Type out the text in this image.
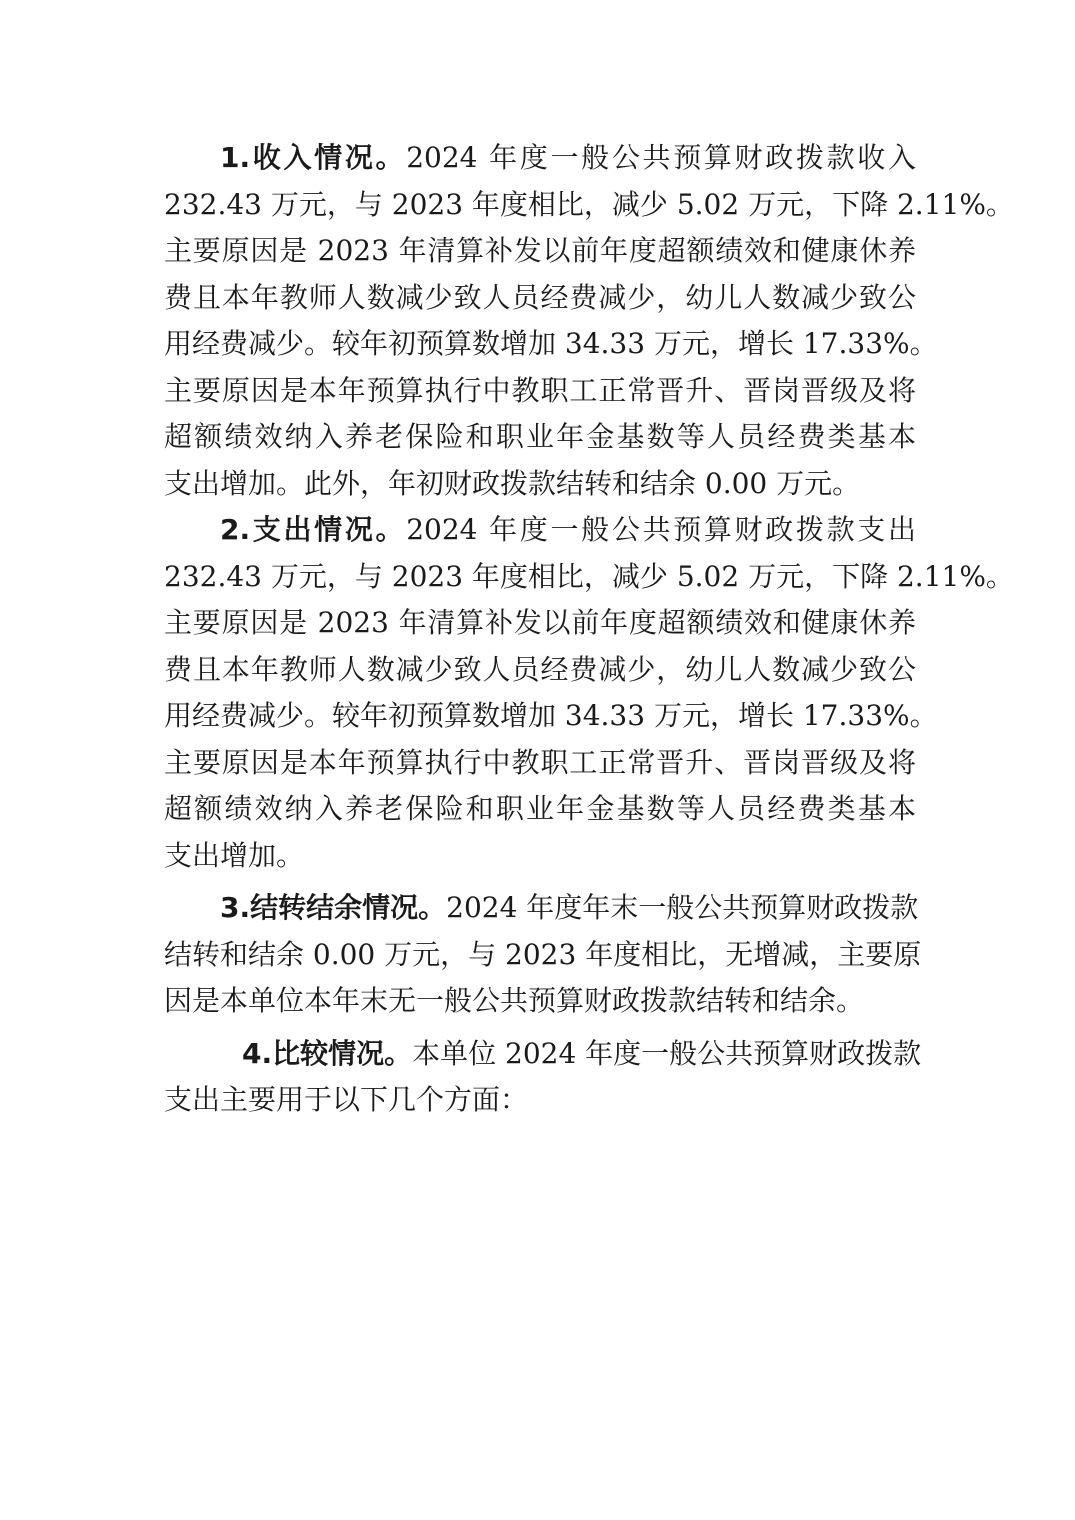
1.收入情况。2024 年度一般公共预算财政拨款收入
232.43 万元，与 2023 年度相比，减少 5.02 万元，下降 2.11%。
主要原因是 2023 年清算补发以前年度超额绩效和健康休养
费且本年教师人数减少致人员经费减少，幼儿人数减少致公
用经费减少。较年初预算数增加 34.33 万元，增长 17.33%。
主要原因是本年预算执行中教职工正常晋升、晋岗晋级及将
超额绩效纳入养老保险和职业年金基数等人员经费类基本
支出增加。此外，年初财政拨款结转和结余 0.00 万元。
2.支出情况。2024 年度一般公共预算财政拨款支出
232.43 万元，与 2023 年度相比，减少 5.02 万元，下降 2.11%。
主要原因是 2023 年清算补发以前年度超额绩效和健康休养
费且本年教师人数减少致人员经费减少，幼儿人数减少致公
用经费减少。较年初预算数增加 34.33 万元，增长 17.33%。
主要原因是本年预算执行中教职工正常晋升、晋岗晋级及将
超额绩效纳入养老保险和职业年金基数等人员经费类基本
支出增加。
3.结转结余情况。2024 年度年末一般公共预算财政拨款
结转和结余 0.00 万元，与 2023 年度相比，无增减，主要原
因是本单位本年末无一般公共预算财政拨款结转和结余。
4.比较情况。本单位 2024 年度一般公共预算财政拨款
支出主要用于以下几个方面：
